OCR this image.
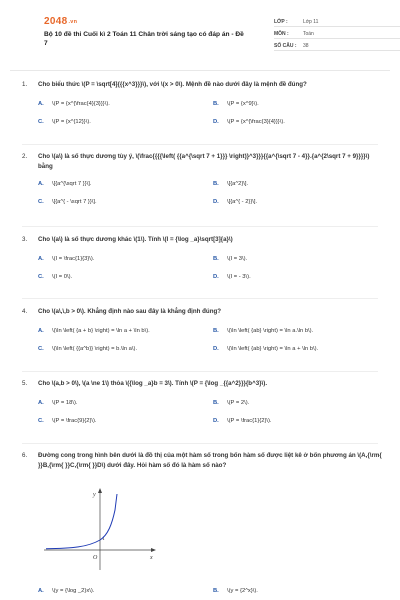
2048.vn
Bộ 10 đề thi Cuối kì 2 Toán 11 Chân trời sáng tạo có đáp án - Đề 7
LỚP :	Lớp 11
MÔN :	Toán
SỐ CÂU :	38
1.	Cho biểu thức \(P = \sqrt[4]{{{x^3}}}\), với \(x > 0\). Mệnh đề nào dưới đây là mệnh đề đúng?
A.	\(P = {x^{\frac{4}{3}}}\).	B.	\(P = {x^9}\).
C.	\(P = {x^{12}}\).	D.	\(P = {x^{\frac{3}{4}}}\).
2.	Cho \(a\) là số thực dương tùy ý, \(\frac{{{{\left( {{a^{\sqrt 7 + 1}}} \right)}^3}}}{{a^{\sqrt 7 - 4}}.{a^{2\sqrt 7 + 9}}}}\) bằng
A.	\[{a^{\sqrt 7 }}\].	B.	\[{a^2}\].
C.	\[{a^{ - \sqrt 7 }}\].	D.	\[{a^{ - 2}}\].
3.	Cho \(a\) là số thực dương khác \(1\). Tính \(I = {\log _a}\sqrt[3]{a}\)
A.	\(I = \frac{1}{3}\).	B.	\(I = 3\).
C.	\(I = 0\).	D.	\(I = - 3\).
4.	Cho \(a\,\,b > 0\). Khẳng định nào sau đây là khẳng định đúng?
A.	\(\ln \left( {a + b} \right) = \ln a + \ln b\).	B.	\(\ln \left( {ab} \right) = \ln a.\ln b\).
C.	\(\ln \left( {{a^b}} \right) = b.\ln a\).	D.	\(\ln \left( {ab} \right) = \ln a + \ln b\).
5.	Cho \(a,b > 0\), \(a \ne 1\) thỏa \({\log _a}b = 3\). Tính \(P = {\log _{{a^2}}}{b^3}\).
A.	\(P = 18\).	B.	\(P = 2\).
C.	\(P = \frac{9}{2}\).	D.	\(P = \frac{1}{2}\).
6.	Đường cong trong hình bên dưới là đồ thị của một hàm số trong bốn hàm số được liệt kê ở bốn phương án \(A,{\rm{ }}B,{\rm{ }}C,{\rm{ }}D\) dưới đây. Hỏi hàm số đó là hàm số nào?
y
x
O
1
A.	\(y = {\log _2}x\).	B.	\(y = {2^x}\).
